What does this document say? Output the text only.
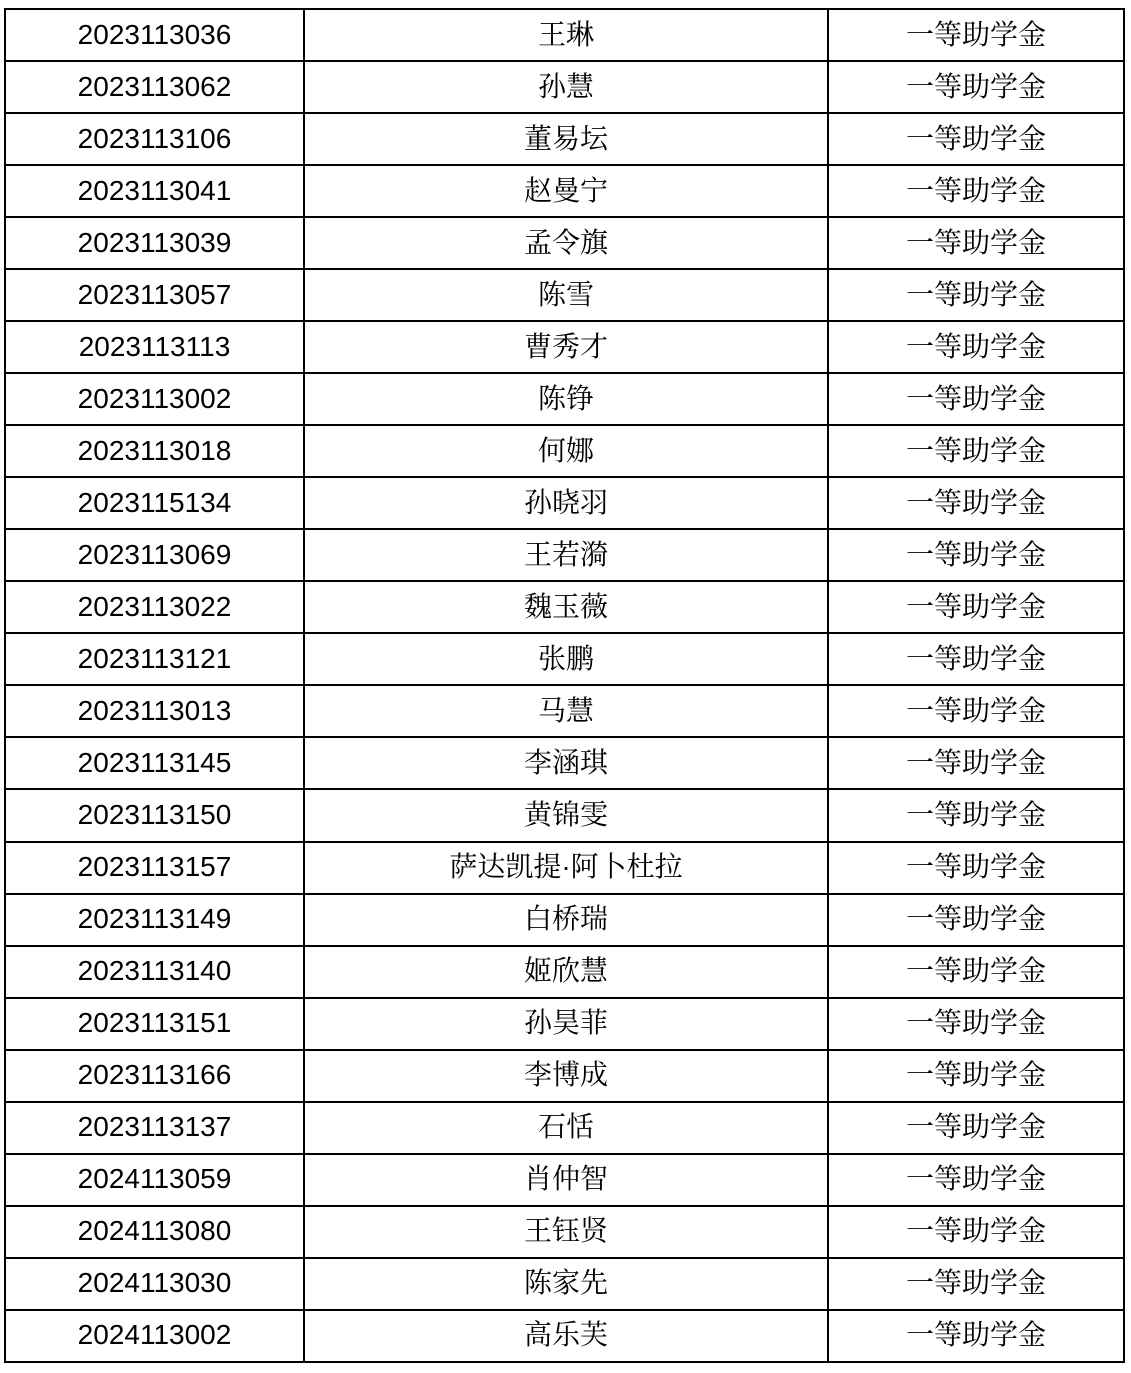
2023113036	王琳	一等助学金
2023113062	孙慧	一等助学金
2023113106	董易坛	一等助学金
2023113041	赵曼宁	一等助学金
2023113039	孟令旗	一等助学金
2023113057	陈雪	一等助学金
2023113113	曹秀才	一等助学金
2023113002	陈铮	一等助学金
2023113018	何娜	一等助学金
2023115134	孙晓羽	一等助学金
2023113069	王若漪	一等助学金
2023113022	魏玉薇	一等助学金
2023113121	张鹏	一等助学金
2023113013	马慧	一等助学金
2023113145	李涵琪	一等助学金
2023113150	黄锦雯	一等助学金
2023113157	萨达凯提·阿卜杜拉	一等助学金
2023113149	白桥瑞	一等助学金
2023113140	姬欣慧	一等助学金
2023113151	孙昊菲	一等助学金
2023113166	李博成	一等助学金
2023113137	石恬	一等助学金
2024113059	肖仲智	一等助学金
2024113080	王钰贤	一等助学金
2024113030	陈家先	一等助学金
2024113002	高乐芙	一等助学金
